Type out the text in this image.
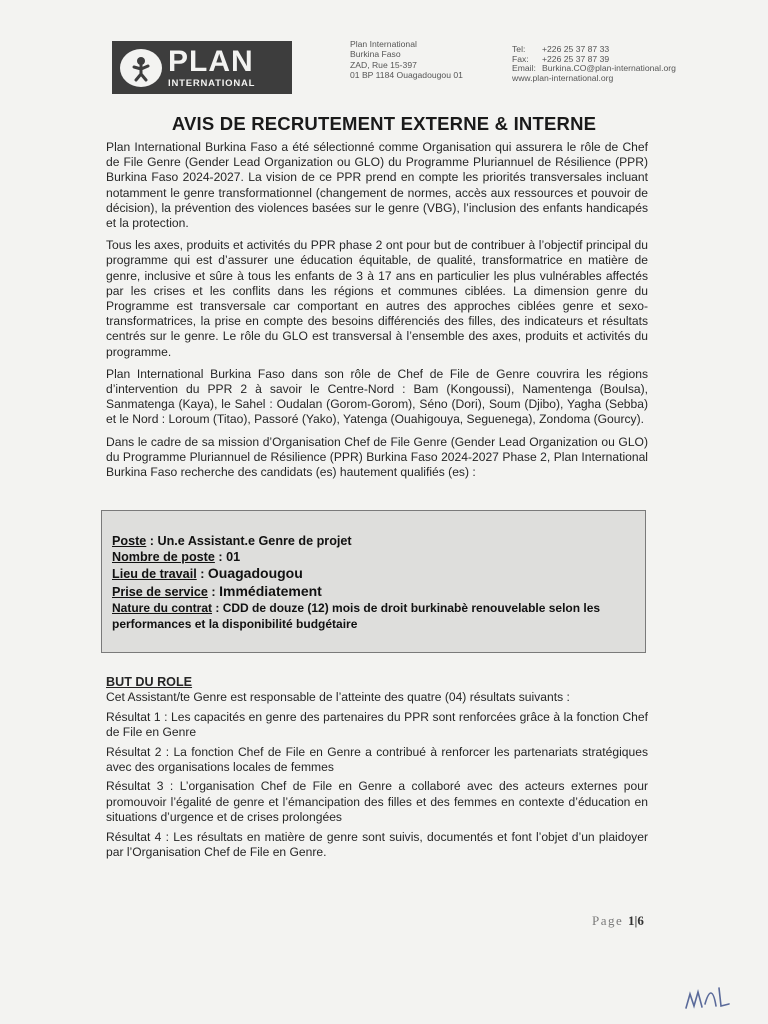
PLAN
INTERNATIONAL
Plan International
Burkina Faso
ZAD, Rue 15-397
01 BP 1184 Ouagadougou 01
Tel:	+226 25 37 87 33
Fax:	+226 25 37 87 39
Email: Burkina.CO@plan-international.org
www.plan-international.org
AVIS DE RECRUTEMENT EXTERNE & INTERNE

Plan International Burkina Faso a été sélectionné comme Organisation qui assurera le rôle de Chef de File Genre (Gender Lead Organization ou GLO) du Programme Pluriannuel de Résilience (PPR) Burkina Faso 2024-2027. La vision de ce PPR prend en compte les priorités transversales incluant notamment le genre transformationnel (changement de normes, accès aux ressources et pouvoir de décision), la prévention des violences basées sur le genre (VBG), l’inclusion des enfants handicapés et la protection.

Tous les axes, produits et activités du PPR phase 2 ont pour but de contribuer à l’objectif principal du programme qui est d’assurer une éducation équitable, de qualité, transformatrice en matière de genre, inclusive et sûre à tous les enfants de 3 à 17 ans en particulier les plus vulnérables affectés par les crises et les conflits dans les régions et communes ciblées. La dimension genre du Programme est transversale car comportant en autres des approches ciblées genre et sexo-transformatrices, la prise en compte des besoins différenciés des filles, des indicateurs et résultats centrés sur le genre. Le rôle du GLO est transversal à l’ensemble des axes, produits et activités du programme.

Plan International Burkina Faso dans son rôle de Chef de File de Genre couvrira les régions d’intervention du PPR 2 à savoir le Centre-Nord : Bam (Kongoussi), Namentenga (Boulsa), Sanmatenga (Kaya), le Sahel : Oudalan (Gorom-Gorom), Séno (Dori), Soum (Djibo), Yagha (Sebba) et le Nord : Loroum (Titao), Passoré (Yako), Yatenga (Ouahigouya, Seguenega), Zondoma (Gourcy).

Dans le cadre de sa mission d’Organisation Chef de File Genre (Gender Lead Organization ou GLO) du Programme Pluriannuel de Résilience (PPR) Burkina Faso 2024-2027 Phase 2, Plan International Burkina Faso recherche des candidats (es) hautement qualifiés (es) :

Poste : Un.e Assistant.e Genre de projet
Nombre de poste : 01
Lieu de travail : Ouagadougou
Prise de service : Immédiatement
Nature du contrat : CDD de douze (12) mois de droit burkinabè renouvelable selon les performances et la disponibilité budgétaire
BUT DU ROLE

Cet Assistant/te Genre est responsable de l’atteinte des quatre (04) résultats suivants :

Résultat 1 : Les capacités en genre des partenaires du PPR sont renforcées grâce à la fonction Chef de File en Genre

Résultat 2 : La fonction Chef de File en Genre a contribué à renforcer les partenariats stratégiques avec des organisations locales de femmes

Résultat 3 : L’organisation Chef de File en Genre a collaboré avec des acteurs externes pour promouvoir l’égalité de genre et l’émancipation des filles et des femmes en contexte d’éducation en situations d’urgence et de crises prolongées

Résultat 4 : Les résultats en matière de genre sont suivis, documentés et font l’objet d’un plaidoyer par l’Organisation Chef de File en Genre.

Page 1|6
